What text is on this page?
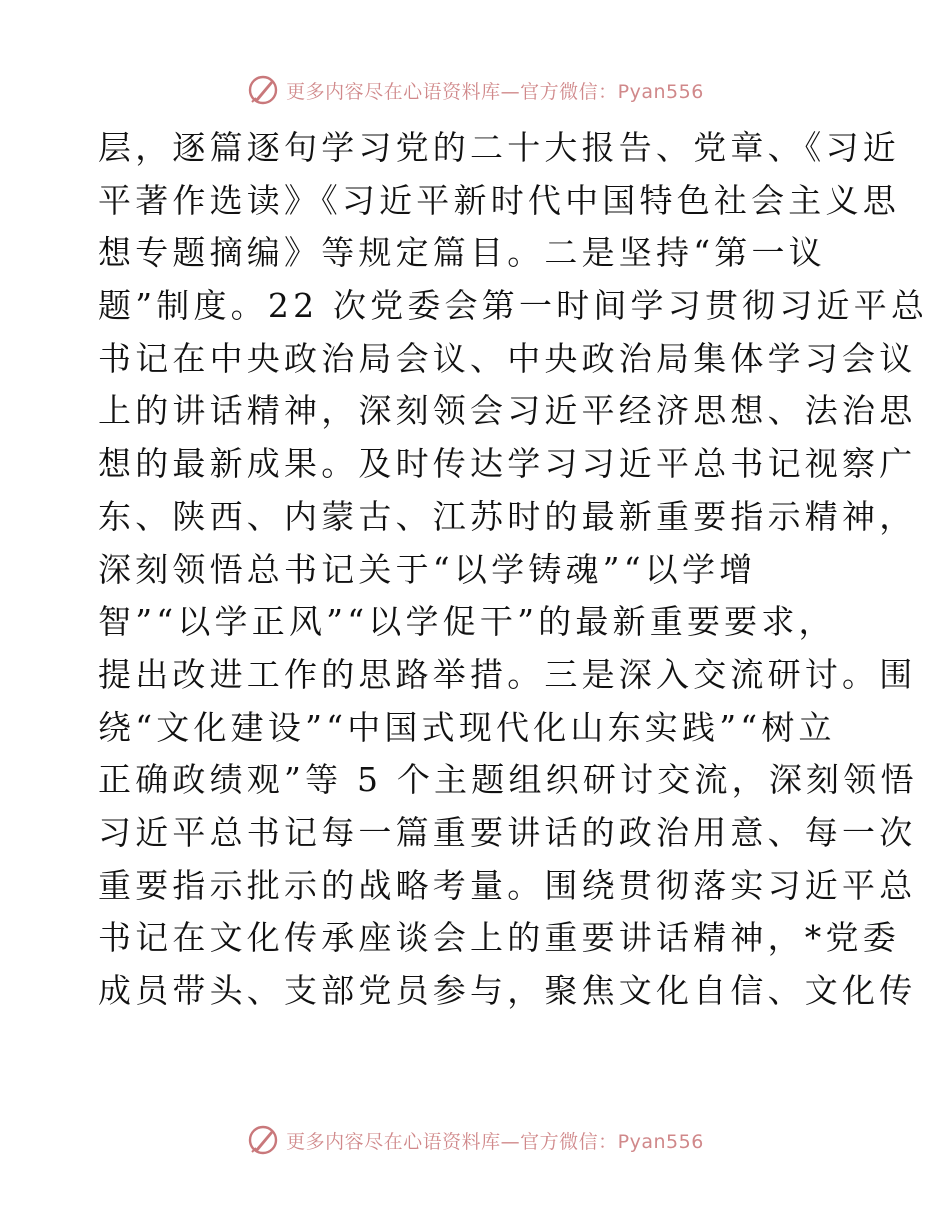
更多内容尽在心语资料库—官方微信：Pyan556
层，逐篇逐句学习党的二十大报告、党章、《习近
平著作选读》《习近平新时代中国特色社会主义思
想专题摘编》等规定篇目。二是坚持“第一议
题”制度。22 次党委会第一时间学习贯彻习近平总
书记在中央政治局会议、中央政治局集体学习会议
上的讲话精神，深刻领会习近平经济思想、法治思
想的最新成果。及时传达学习习近平总书记视察广
东、陕西、内蒙古、江苏时的最新重要指示精神，
深刻领悟总书记关于“以学铸魂”“以学增
智”“以学正风”“以学促干”的最新重要要求，
提出改进工作的思路举措。三是深入交流研讨。围
绕“文化建设”“中国式现代化山东实践”“树立
正确政绩观”等 5 个主题组织研讨交流，深刻领悟
习近平总书记每一篇重要讲话的政治用意、每一次
重要指示批示的战略考量。围绕贯彻落实习近平总
书记在文化传承座谈会上的重要讲话精神，*党委
成员带头、支部党员参与，聚焦文化自信、文化传
更多内容尽在心语资料库—官方微信：Pyan556
